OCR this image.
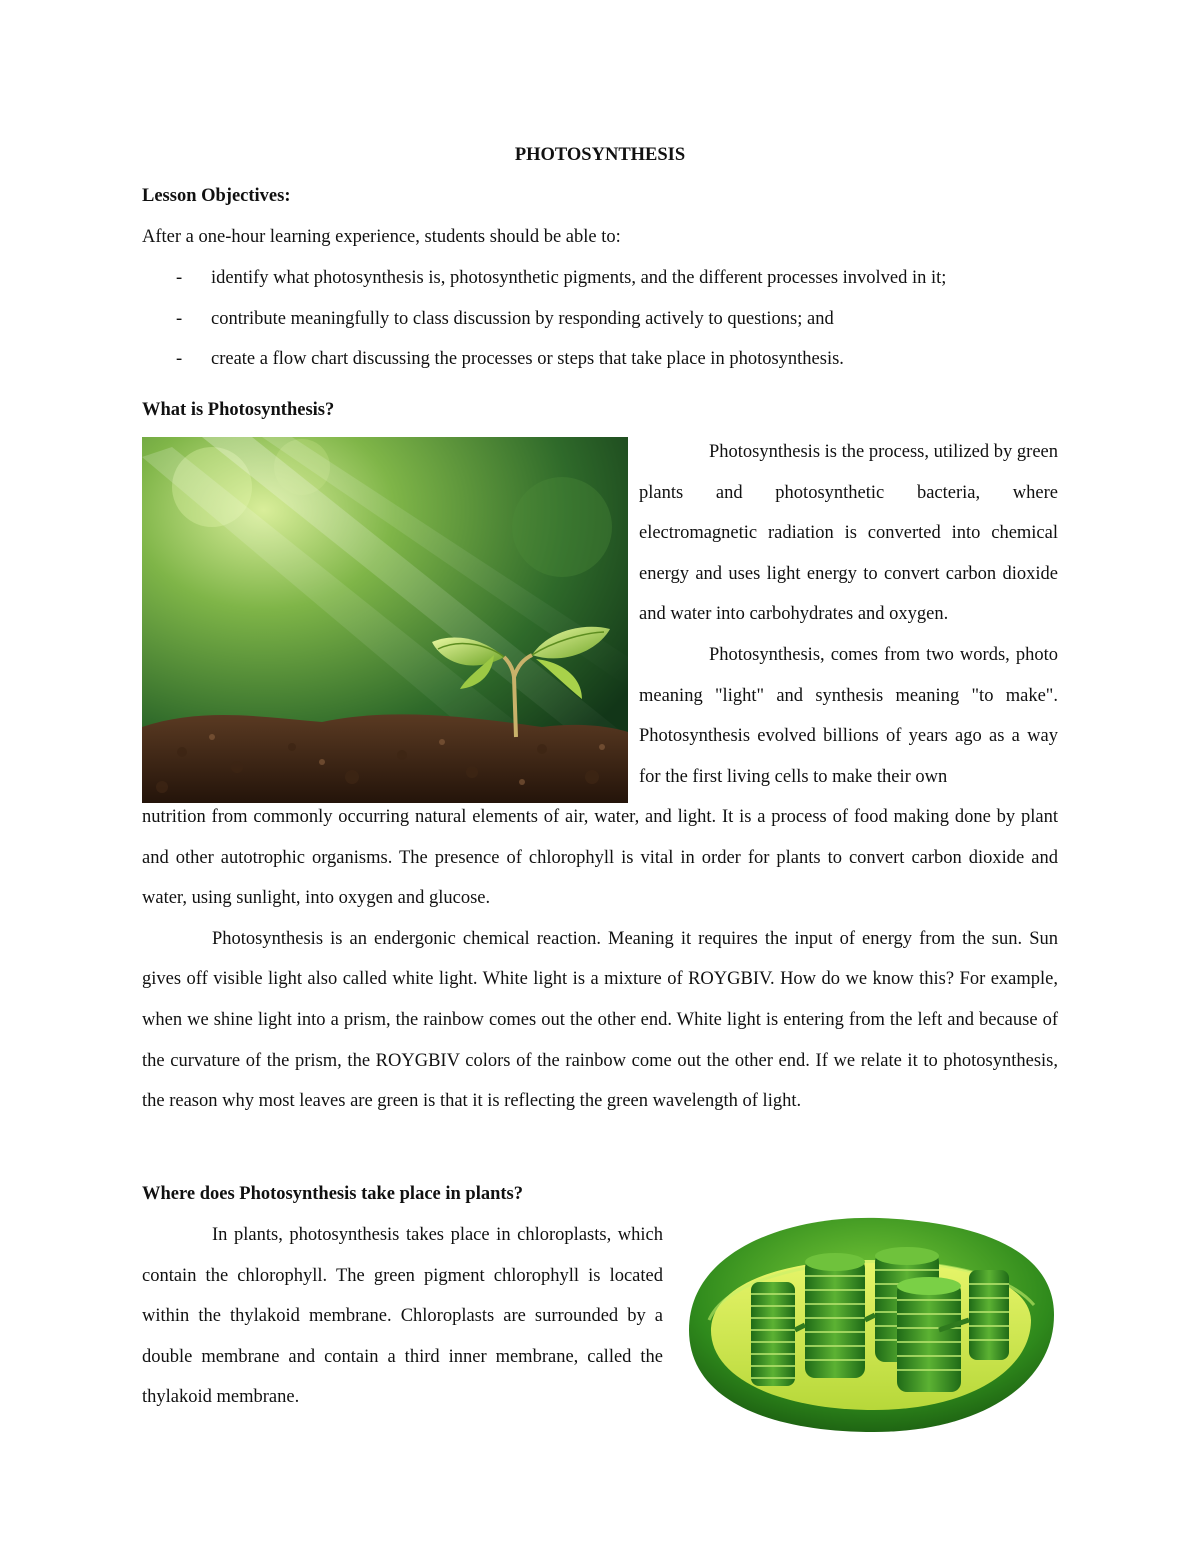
PHOTOSYNTHESIS
Lesson Objectives:
After a one-hour learning experience, students should be able to:
- identify what photosynthesis is, photosynthetic pigments, and the different processes involved in it;
- contribute meaningfully to class discussion by responding actively to questions; and
- create a flow chart discussing the processes or steps that take place in photosynthesis.
What is Photosynthesis?

Photosynthesis is the process, utilized by green plants and photosynthetic bacteria, where electromagnetic radiation is converted into chemical energy and uses light energy to convert carbon dioxide and water into carbohydrates and oxygen.

Photosynthesis, comes from two words, photo meaning "light" and synthesis meaning "to make". Photosynthesis evolved billions of years ago as a way for the first living cells to make their own

nutrition from commonly occurring natural elements of air, water, and light. It is a process of food making done by plant and other autotrophic organisms. The presence of chlorophyll is vital in order for plants to convert carbon dioxide and water, using sunlight, into oxygen and glucose.

Photosynthesis is an endergonic chemical reaction. Meaning it requires the input of energy from the sun. Sun gives off visible light also called white light. White light is a mixture of ROYGBIV. How do we know this? For example, when we shine light into a prism, the rainbow comes out the other end. White light is entering from the left and because of the curvature of the prism, the ROYGBIV colors of the rainbow come out the other end. If we relate it to photosynthesis, the reason why most leaves are green is that it is reflecting the green wavelength of light.

Where does Photosynthesis take place in plants?

In plants, photosynthesis takes place in chloroplasts, which contain the chlorophyll. The green pigment chlorophyll is located within the thylakoid membrane. Chloroplasts are surrounded by a double membrane and contain a third inner membrane, called the thylakoid membrane.
